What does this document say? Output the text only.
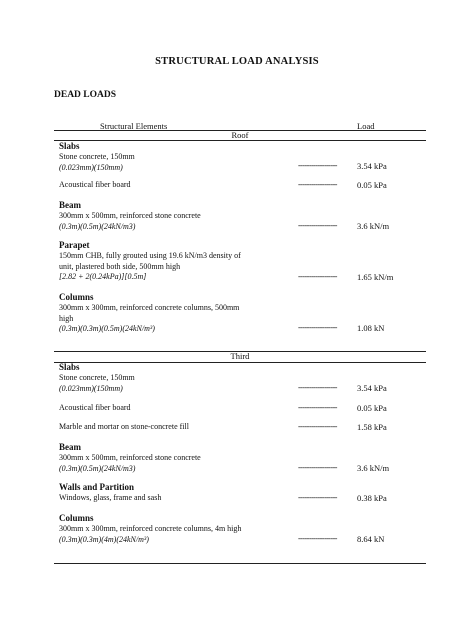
STRUCTURAL LOAD ANALYSIS
DEAD LOADS
Structural Elements	Load
Roof
Slabs
Stone concrete, 150mm
(0.023mm)(150mm)	------------------ 3.54 kPa
Acoustical fiber board	------------------ 0.05 kPa
Beam
300mm x 500mm, reinforced stone concrete
(0.3m)(0.5m)(24kN/m3)	------------------ 3.6 kN/m
Parapet
150mm CHB, fully grouted using 19.6 kN/m3 density of
unit, plastered both side, 500mm high
[2.82 + 2(0.24kPa)][0.5m]	------------------ 1.65 kN/m
Columns
300mm x 300mm, reinforced concrete columns, 500mm
high
(0.3m)(0.3m)(0.5m)(24kN/m³)	------------------ 1.08 kN
Third
Slabs
Stone concrete, 150mm
(0.023mm)(150mm)	------------------ 3.54 kPa
Acoustical fiber board	------------------ 0.05 kPa
Marble and mortar on stone-concrete fill	------------------ 1.58 kPa
Beam
300mm x 500mm, reinforced stone concrete
(0.3m)(0.5m)(24kN/m3)	------------------ 3.6 kN/m
Walls and Partition
Windows, glass, frame and sash	------------------ 0.38 kPa
Columns
300mm x 300mm, reinforced concrete columns, 4m high
(0.3m)(0.3m)(4m)(24kN/m³)	------------------ 8.64 kN
